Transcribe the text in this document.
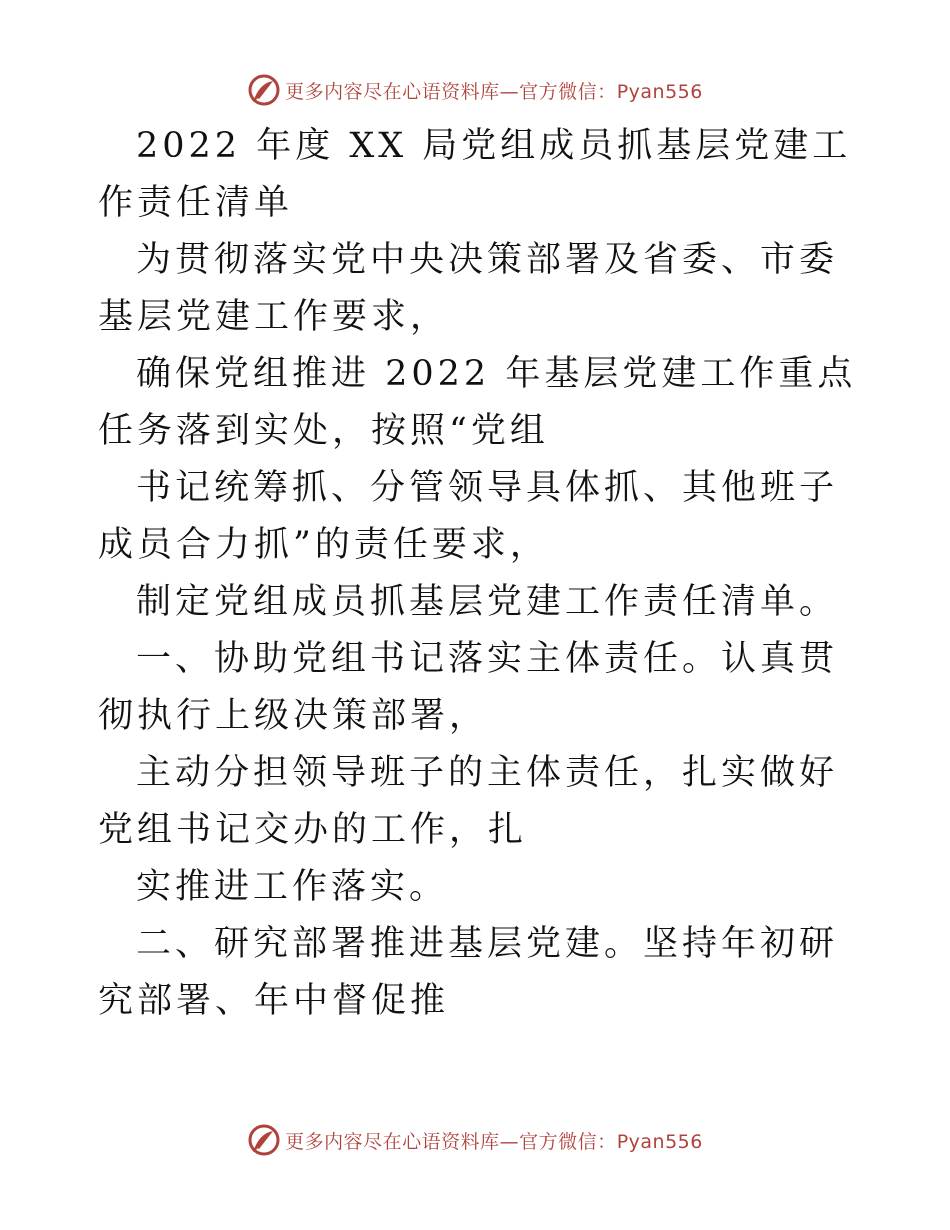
更多内容尽在心语资料库—官方微信：Pyan556

2022 年度 XX 局党组成员抓基层党建工作责任清单

为贯彻落实党中央决策部署及省委、市委基层党建工作要求，

确保党组推进 2022 年基层党建工作重点任务落到实处，按照“党组

书记统筹抓、分管领导具体抓、其他班子成员合力抓”的责任要求，

制定党组成员抓基层党建工作责任清单。

一、协助党组书记落实主体责任。认真贯彻执行上级决策部署，

主动分担领导班子的主体责任，扎实做好党组书记交办的工作，扎

实推进工作落实。

二、研究部署推进基层党建。坚持年初研究部署、年中督促推

更多内容尽在心语资料库—官方微信：Pyan556
